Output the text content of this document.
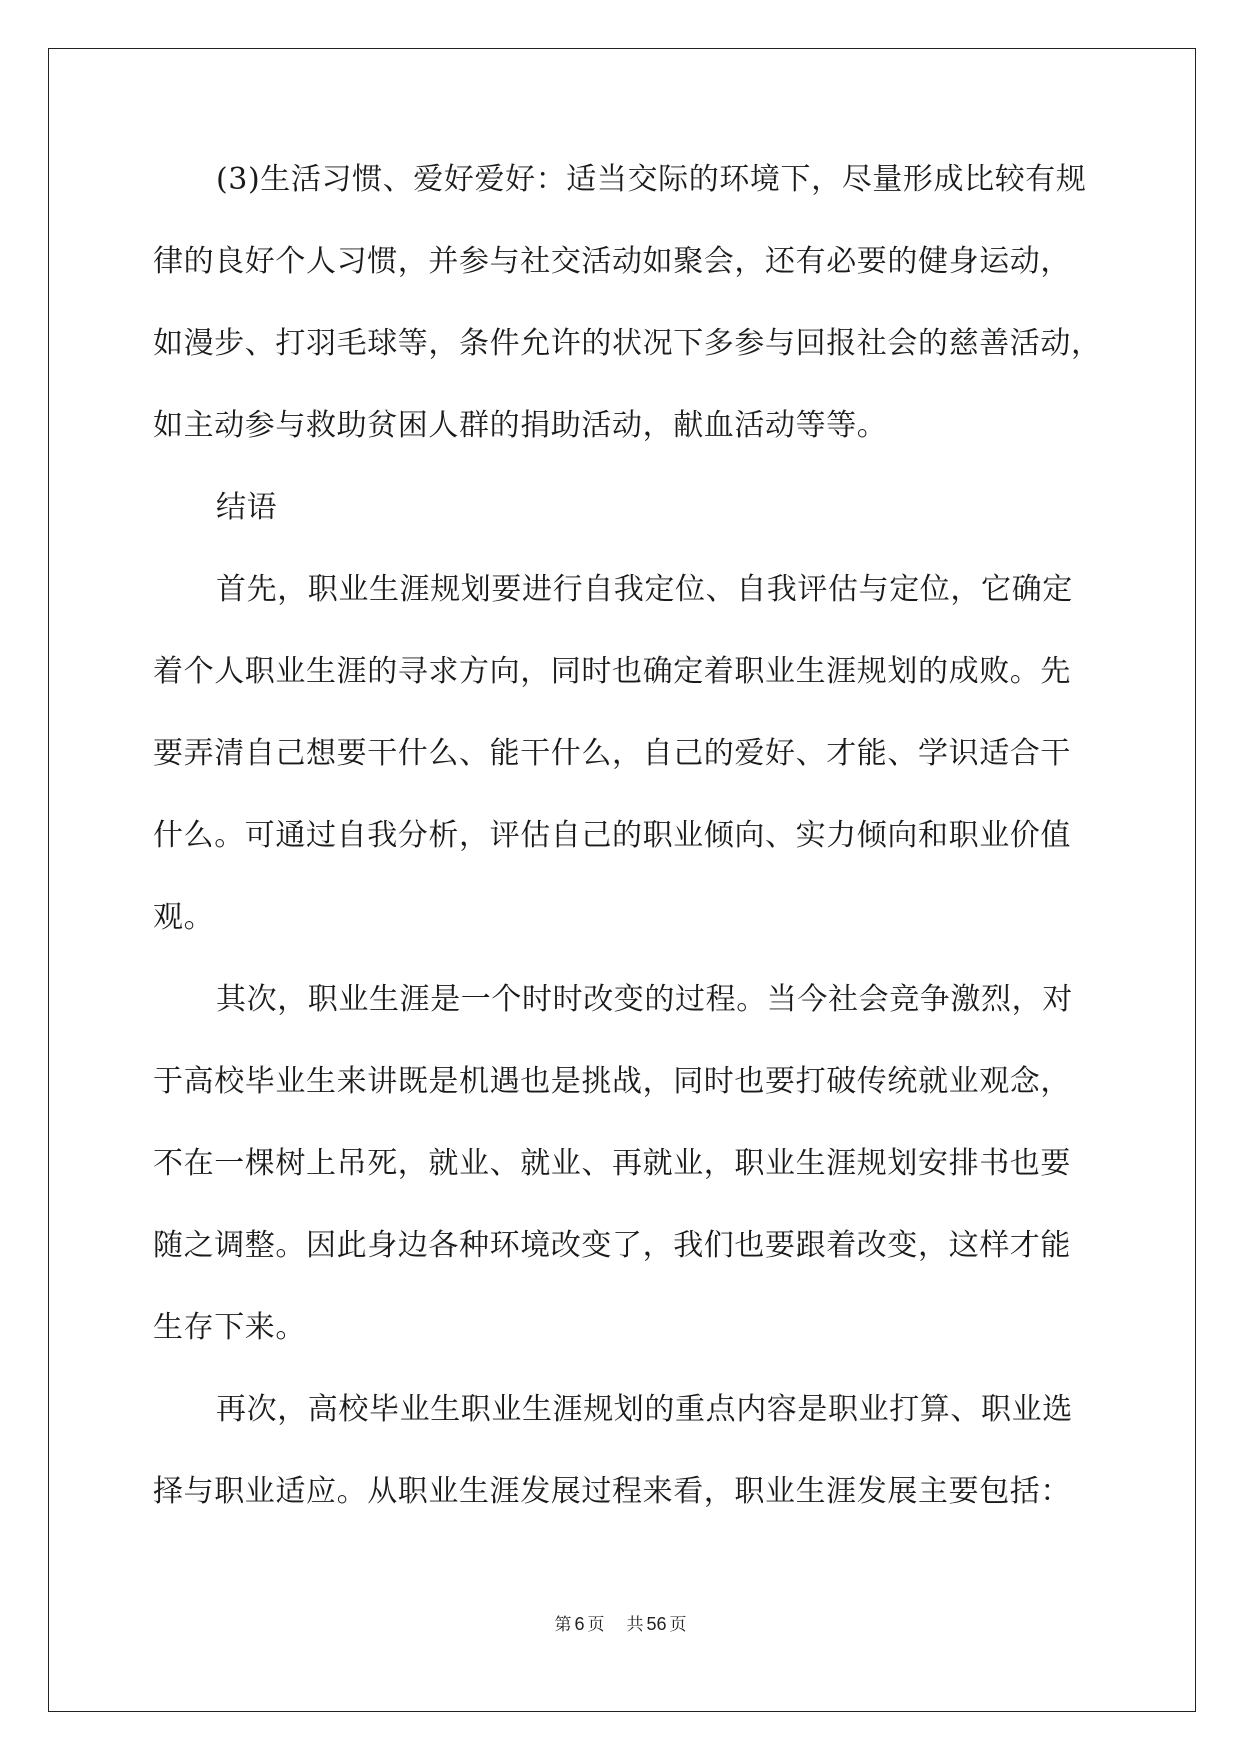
(3)生活习惯、爱好爱好：适当交际的环境下，尽量形成比较有规
律的良好个人习惯，并参与社交活动如聚会，还有必要的健身运动，
如漫步、打羽毛球等，条件允许的状况下多参与回报社会的慈善活动，
如主动参与救助贫困人群的捐助活动，献血活动等等。
结语
首先，职业生涯规划要进行自我定位、自我评估与定位，它确定
着个人职业生涯的寻求方向，同时也确定着职业生涯规划的成败。先
要弄清自己想要干什么、能干什么，自己的爱好、才能、学识适合干
什么。可通过自我分析，评估自己的职业倾向、实力倾向和职业价值
观。
其次，职业生涯是一个时时改变的过程。当今社会竞争激烈，对
于高校毕业生来讲既是机遇也是挑战，同时也要打破传统就业观念，
不在一棵树上吊死，就业、就业、再就业，职业生涯规划安排书也要
随之调整。因此身边各种环境改变了，我们也要跟着改变，这样才能
生存下来。
再次，高校毕业生职业生涯规划的重点内容是职业打算、职业选
择与职业适应。从职业生涯发展过程来看，职业生涯发展主要包括：
第 6 页 共 56 页
